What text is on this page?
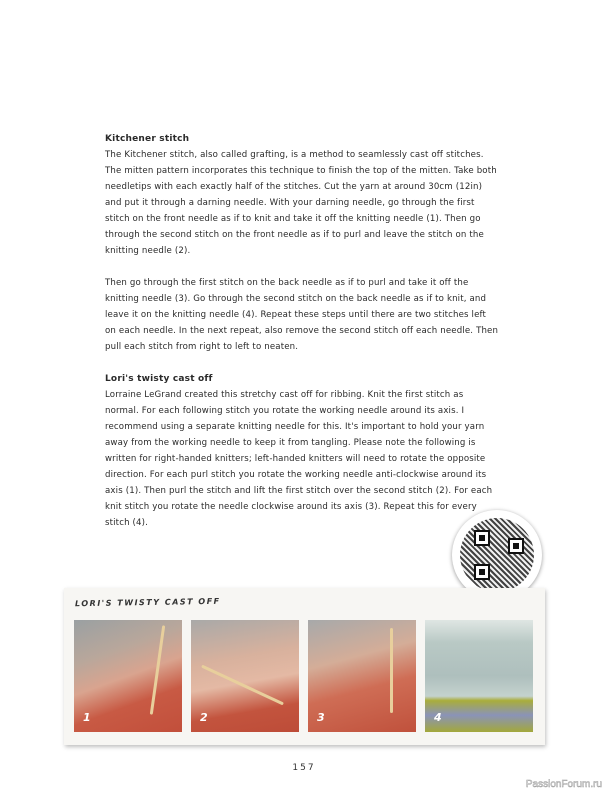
Kitchener stitch
The Kitchener stitch, also called grafting, is a method to seamlessly cast off stitches.
The mitten pattern incorporates this technique to finish the top of the mitten. Take both
needletips with each exactly half of the stitches. Cut the yarn at around 30cm (12in)
and put it through a darning needle. With your darning needle, go through the first
stitch on the front needle as if to knit and take it off the knitting needle (1). Then go
through the second stitch on the front needle as if to purl and leave the stitch on the
knitting needle (2).
Then go through the first stitch on the back needle as if to purl and take it off the
knitting needle (3). Go through the second stitch on the back needle as if to knit, and
leave it on the knitting needle (4). Repeat these steps until there are two stitches left
on each needle. In the next repeat, also remove the second stitch off each needle. Then
pull each stitch from right to left to neaten.
Lori's twisty cast off
Lorraine LeGrand created this stretchy cast off for ribbing. Knit the first stitch as
normal. For each following stitch you rotate the working needle around its axis. I
recommend using a separate knitting needle for this. It's important to hold your yarn
away from the working needle to keep it from tangling. Please note the following is
written for right-handed knitters; left-handed knitters will need to rotate the opposite
direction. For each purl stitch you rotate the working needle anti-clockwise around its
axis (1). Then purl the stitch and lift the first stitch over the second stitch (2). For each
knit stitch you rotate the needle clockwise around its axis (3). Repeat this for every
stitch (4).
LORI'S TWISTY CAST OFF
1	2	3	4
157
PassionForum.ru
